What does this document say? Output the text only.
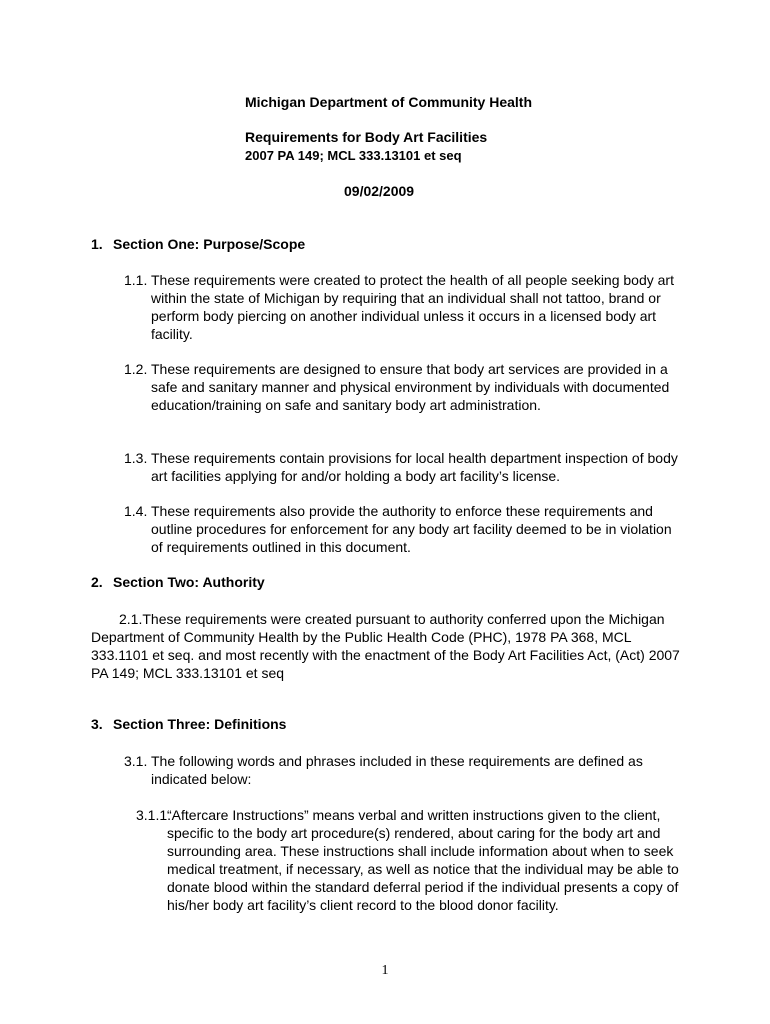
Michigan Department of Community Health
Requirements for Body Art Facilities
2007 PA 149; MCL 333.13101 et seq
09/02/2009
1. Section One: Purpose/Scope
1.1. These requirements were created to protect the health of all people seeking body art within the state of Michigan by requiring that an individual shall not tattoo, brand or perform body piercing on another individual unless it occurs in a licensed body art facility.

1.2. These requirements are designed to ensure that body art services are provided in a safe and sanitary manner and physical environment by individuals with documented education/training on safe and sanitary body art administration.

1.3. These requirements contain provisions for local health department inspection of body art facilities applying for and/or holding a body art facility’s license.

1.4. These requirements also provide the authority to enforce these requirements and outline procedures for enforcement for any body art facility deemed to be in violation of requirements outlined in this document.

2. Section Two: Authority

2.1.These requirements were created pursuant to authority conferred upon the Michigan Department of Community Health by the Public Health Code (PHC), 1978 PA 368, MCL 333.1101 et seq. and most recently with the enactment of the Body Art Facilities Act, (Act) 2007 PA 149; MCL 333.13101 et seq

3. Section Three: Definitions
3.1. The following words and phrases included in these requirements are defined as indicated below:

3.1.1.

“Aftercare Instructions” means verbal and written instructions given to the client, specific to the body art procedure(s) rendered, about caring for the body art and surrounding area. These instructions shall include information about when to seek medical treatment, if necessary, as well as notice that the individual may be able to donate blood within the standard deferral period if the individual presents a copy of his/her body art facility’s client record to the blood donor facility.

1
